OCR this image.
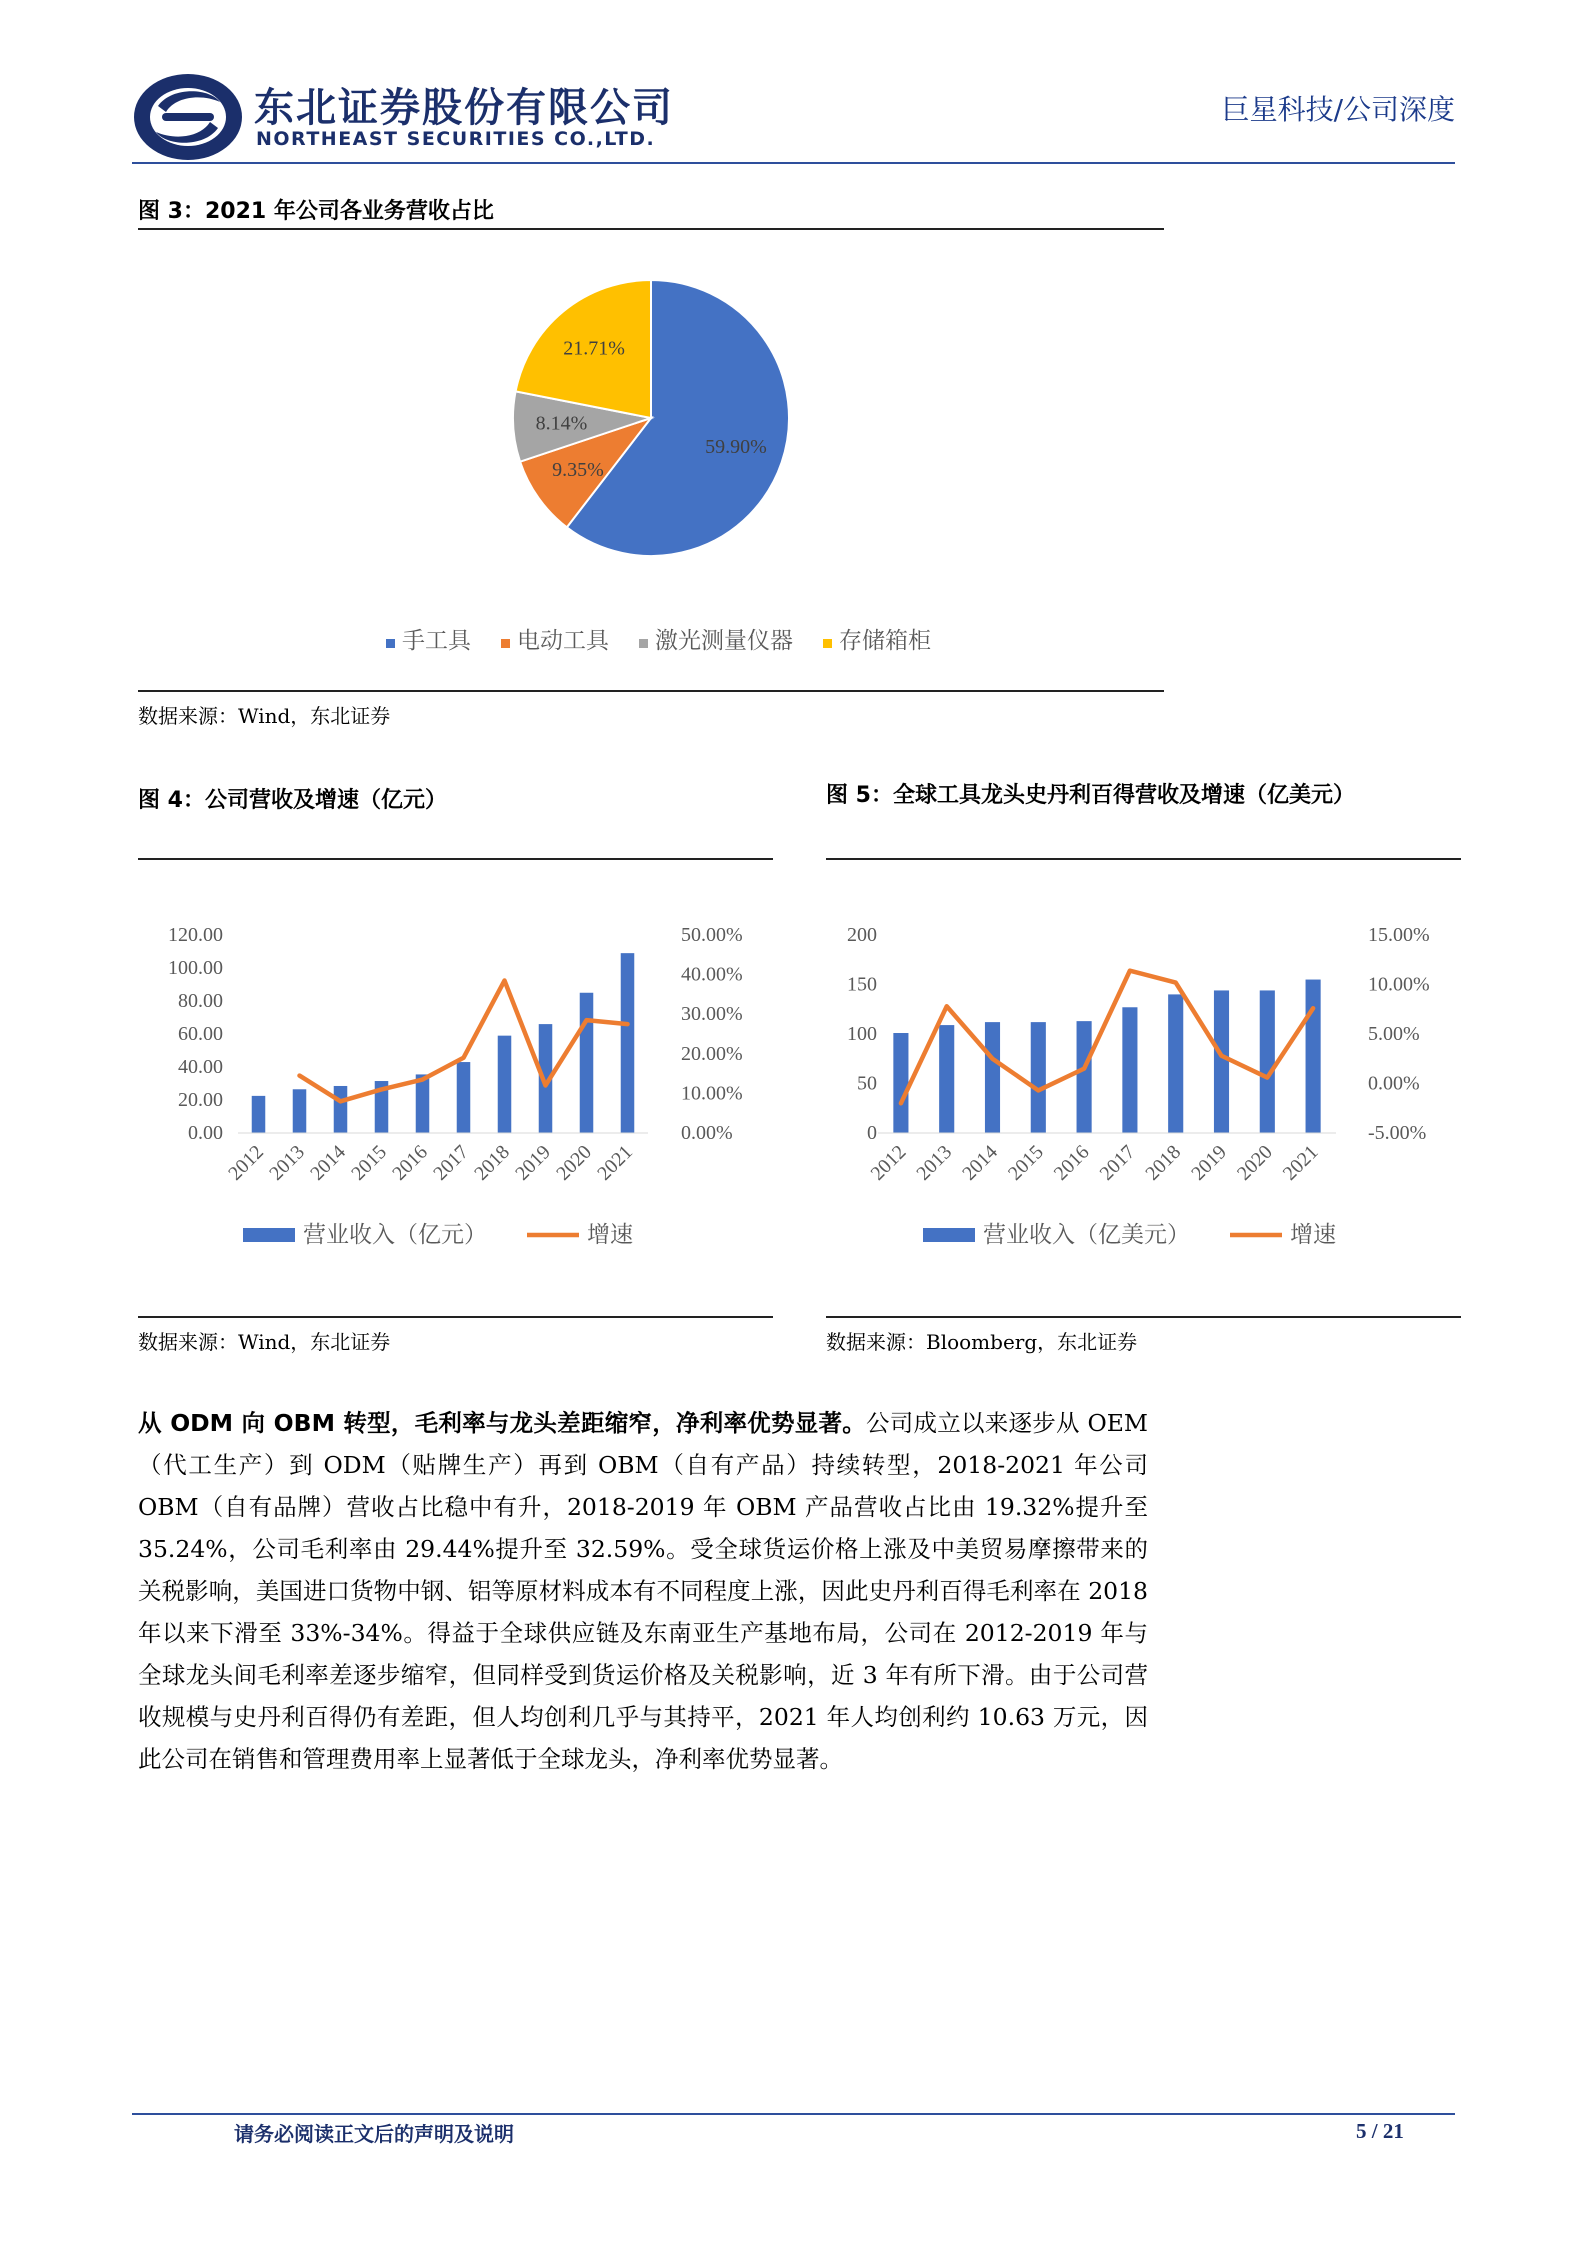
东北证券股份有限公司
NORTHEAST SECURITIES CO.,LTD.
巨星科技/公司深度
图 3：2021 年公司各业务营收占比
59.90%
9.35%
8.14%
21.71%
手工具 电动工具 激光测量仪器 存储箱柜
数据来源：Wind，东北证券
图 4：公司营收及增速（亿元）
0.00
20.00
40.00
60.00
80.00
100.00
120.00
0.00%
10.00%
20.00%
30.00%
40.00%
50.00%
2012
2013
2014
2015
2016
2017
2018
2019
2020
2021
营业收入（亿元）	增速
数据来源：Wind，东北证券
图 5：全球工具龙头史丹利百得营收及增速（亿美元）
0
50
100
150
200
-5.00%
0.00%
5.00%
10.00%
15.00%
2012 2013 2014 2015 2016 2017 2018 2019 2020 2021
营业收入（亿美元）	增速
数据来源：Bloomberg，东北证券
从 ODM 向 OBM 转型，毛利率与龙头差距缩窄，净利率优势显著。公司成立以来逐步从 OEM（代工生产）到 ODM（贴牌生产）再到 OBM（自有产品）持续转型，2018-2021 年公司 OBM（自有品牌）营收占比稳中有升，2018-2019 年 OBM 产品营收占比由 19.32%提升至 35.24%，公司毛利率由 29.44%提升至 32.59%。受全球货运价格上涨及中美贸易摩擦带来的关税影响，美国进口货物中钢、铝等原材料成本有不同程度上涨，因此史丹利百得毛利率在 2018 年以来下滑至 33%-34%。得益于全球供应链及东南亚生产基地布局，公司在 2012-2019 年与全球龙头间毛利率差逐步缩窄，但同样受到货运价格及关税影响，近 3 年有所下滑。由于公司营收规模与史丹利百得仍有差距，但人均创利几乎与其持平，2021 年人均创利约 10.63 万元，因此公司在销售和管理费用率上显著低于全球龙头，净利率优势显著。
请务必阅读正文后的声明及说明	5 / 21
